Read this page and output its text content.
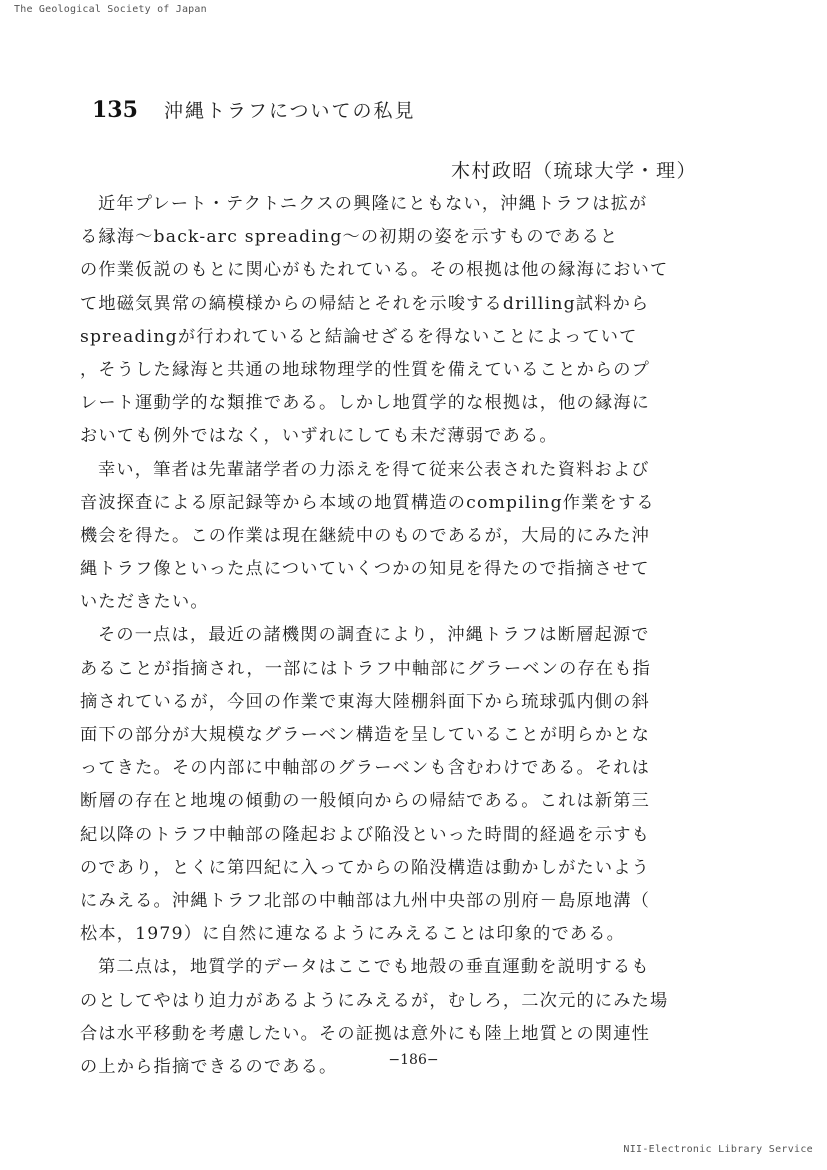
The Geological Society of Japan
135 沖縄トラフについての私見
木村政昭（琉球大学・理）
近年プレート・テクトニクスの興隆にともない，沖縄トラフは拡が
る縁海〜back-arc spreading〜の初期の姿を示すものであると
の作業仮説のもとに関心がもたれている。その根拠は他の縁海において
て地磁気異常の縞模様からの帰結とそれを示唆するdrilling試料から
spreadingが行われていると結論せざるを得ないことによっていて
，そうした縁海と共通の地球物理学的性質を備えていることからのプ
レート運動学的な類推である。しかし地質学的な根拠は，他の縁海に
おいても例外ではなく，いずれにしても未だ薄弱である。
幸い，筆者は先輩諸学者の力添えを得て従来公表された資料および
音波探査による原記録等から本域の地質構造のcompiling作業をする
機会を得た。この作業は現在継続中のものであるが，大局的にみた沖
縄トラフ像といった点についていくつかの知見を得たので指摘させて
いただきたい。
その一点は，最近の諸機関の調査により，沖縄トラフは断層起源で
あることが指摘され，一部にはトラフ中軸部にグラーベンの存在も指
摘されているが，今回の作業で東海大陸棚斜面下から琉球弧内側の斜
面下の部分が大規模なグラーベン構造を呈していることが明らかとな
ってきた。その内部に中軸部のグラーベンも含むわけである。それは
断層の存在と地塊の傾動の一般傾向からの帰結である。これは新第三
紀以降のトラフ中軸部の隆起および陥没といった時間的経過を示すも
のであり，とくに第四紀に入ってからの陥没構造は動かしがたいよう
にみえる。沖縄トラフ北部の中軸部は九州中央部の別府－島原地溝（
松本，1979）に自然に連なるようにみえることは印象的である。
第二点は，地質学的データはここでも地殻の垂直運動を説明するも
のとしてやはり迫力があるようにみえるが，むしろ，二次元的にみた場
合は水平移動を考慮したい。その証拠は意外にも陸上地質との関連性
の上から指摘できるのである。	−186−
NII-Electronic Library Service
